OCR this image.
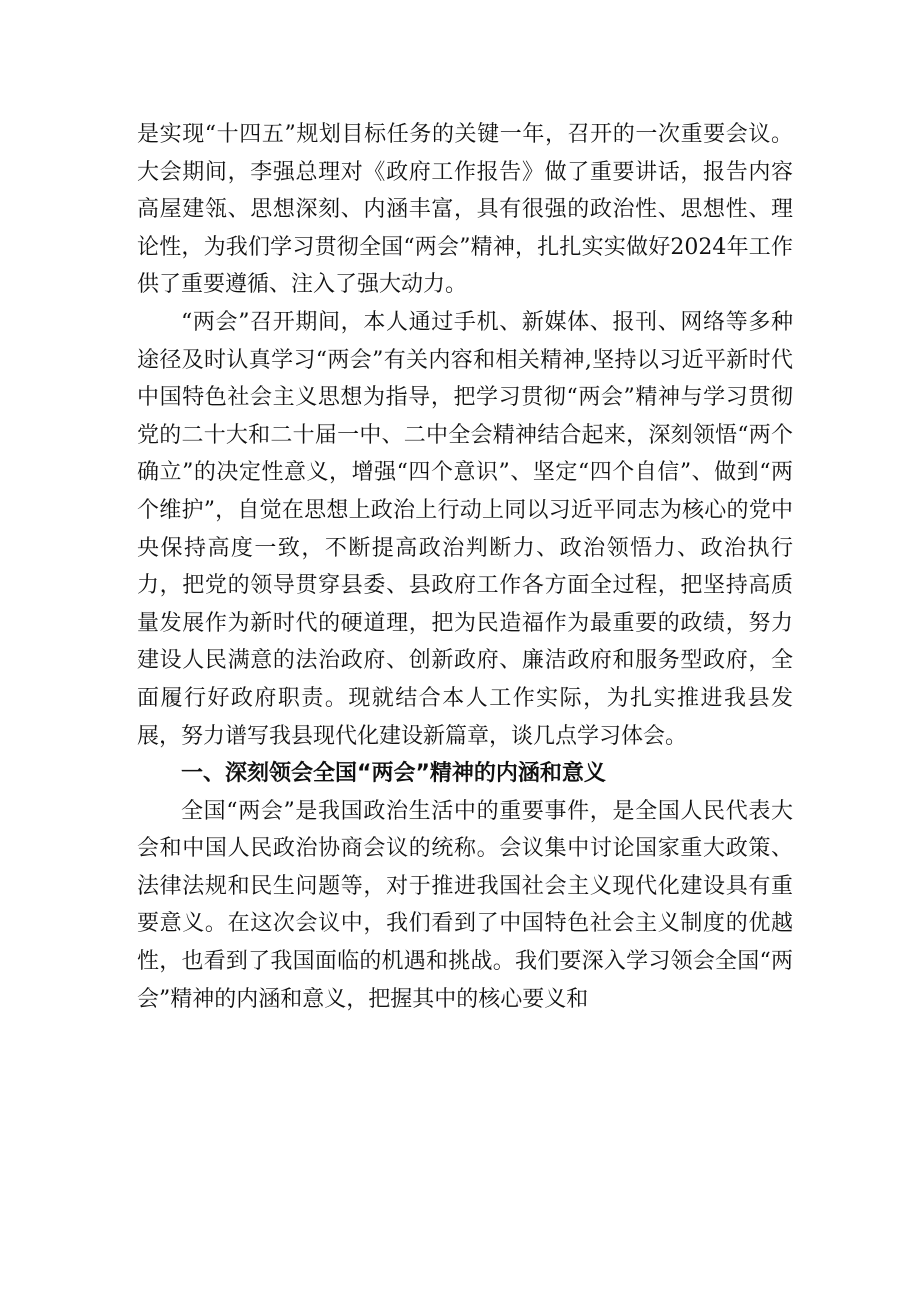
是实现“十四五”规划目标任务的关键一年，召开的一次重要会议。大会期间，李强总理对《政府工作报告》做了重要讲话，报告内容高屋建瓴、思想深刻、内涵丰富，具有很强的政治性、思想性、理论性，为我们学习贯彻全国“两会”精神，扎扎实实做好2024年工作供了重要遵循、注入了强大动力。

“两会”召开期间，本人通过手机、新媒体、报刊、网络等多种途径及时认真学习“两会”有关内容和相关精神,坚持以习近平新时代中国特色社会主义思想为指导，把学习贯彻“两会”精神与学习贯彻党的二十大和二十届一中、二中全会精神结合起来，深刻领悟“两个确立”的决定性意义，增强“四个意识”、坚定“四个自信”、做到“两个维护”，自觉在思想上政治上行动上同以习近平同志为核心的党中央保持高度一致，不断提高政治判断力、政治领悟力、政治执行力，把党的领导贯穿县委、县政府工作各方面全过程，把坚持高质量发展作为新时代的硬道理，把为民造福作为最重要的政绩，努力建设人民满意的法治政府、创新政府、廉洁政府和服务型政府，全面履行好政府职责。现就结合本人工作实际，为扎实推进我县发展，努力谱写我县现代化建设新篇章，谈几点学习体会。

一、深刻领会全国“两会”精神的内涵和意义

全国“两会”是我国政治生活中的重要事件，是全国人民代表大会和中国人民政治协商会议的统称。会议集中讨论国家重大政策、法律法规和民生问题等，对于推进我国社会主义现代化建设具有重要意义。在这次会议中，我们看到了中国特色社会主义制度的优越性，也看到了我国面临的机遇和挑战。我们要深入学习领会全国“两会”精神的内涵和意义，把握其中的核心要义和
